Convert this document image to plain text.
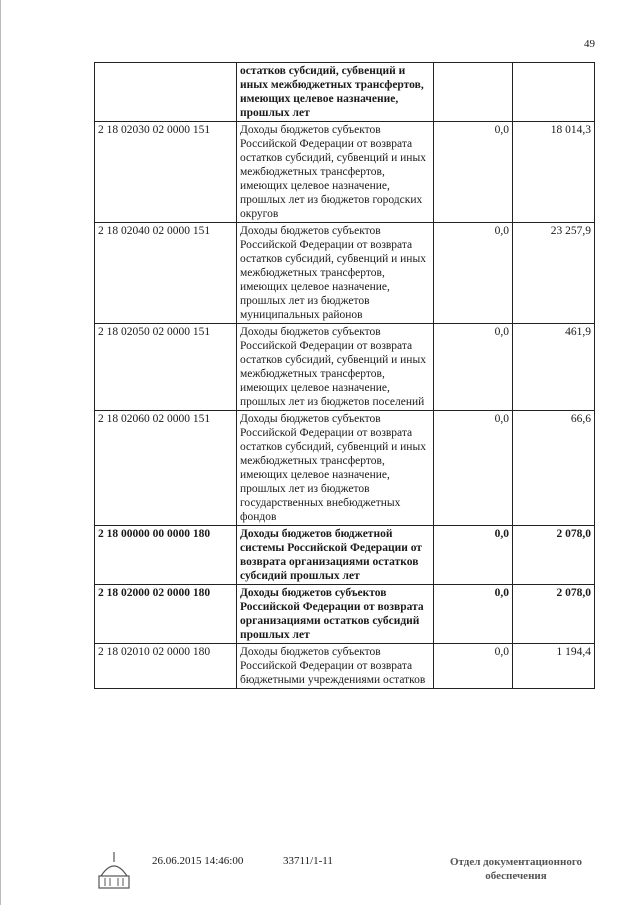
49
	остатков субсидий, субвенций и иных межбюджетных трансфертов, имеющих целевое назначение, прошлых лет		
2 18 02030 02 0000 151	Доходы бюджетов субъектов Российской Федерации от возврата остатков субсидий, субвенций и иных межбюджетных трансфертов, имеющих целевое назначение, прошлых лет из бюджетов городских округов	0,0	18 014,3
2 18 02040 02 0000 151	Доходы бюджетов субъектов Российской Федерации от возврата остатков субсидий, субвенций и иных межбюджетных трансфертов, имеющих целевое назначение, прошлых лет из бюджетов муниципальных районов	0,0	23 257,9
2 18 02050 02 0000 151	Доходы бюджетов субъектов Российской Федерации от возврата остатков субсидий, субвенций и иных межбюджетных трансфертов, имеющих целевое назначение, прошлых лет из бюджетов поселений	0,0	461,9
2 18 02060 02 0000 151	Доходы бюджетов субъектов Российской Федерации от возврата остатков субсидий, субвенций и иных межбюджетных трансфертов, имеющих целевое назначение, прошлых лет из бюджетов государственных внебюджетных фондов	0,0	66,6
2 18 00000 00 0000 180	Доходы бюджетов бюджетной системы Российской Федерации от возврата организациями остатков субсидий прошлых лет	0,0	2 078,0
2 18 02000 02 0000 180	Доходы бюджетов субъектов Российской Федерации от возврата организациями остатков субсидий прошлых лет	0,0	2 078,0
2 18 02010 02 0000 180	Доходы бюджетов субъектов Российской Федерации от возврата бюджетными учреждениями остатков	0,0	1 194,4
26.06.2015 14:46:00	33711/1-11	Отдел документационного
обеспечения
